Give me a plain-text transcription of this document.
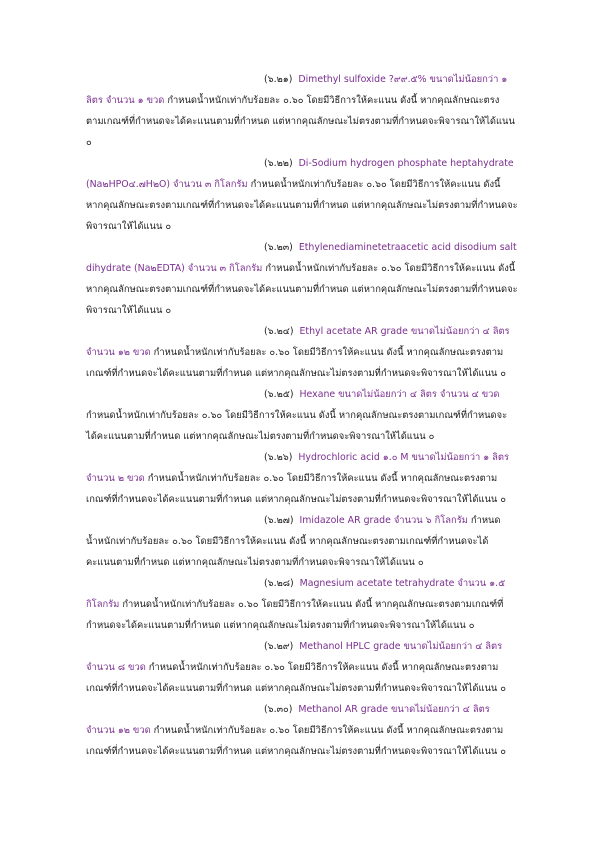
(๖.๒๑) Dimethyl sulfoxide ?๙๙.๕% ขนาดไม่น้อยกว่า ๑
ลิตร จำนวน ๑ ขวด กำหนดน้ำหนักเท่ากับร้อยละ ๐.๖๐ โดยมีวิธีการให้คะแนน ดังนี้ หากคุณลักษณะตรง
ตามเกณฑ์ที่กำหนดจะได้คะแนนตามที่กำหนด แต่หากคุณลักษณะไม่ตรงตามที่กำหนดจะพิจารณาให้ได้แนน
๐
(๖.๒๒) Di-Sodium hydrogen phosphate heptahydrate
(Na๒HPO๔.๗H๒O) จำนวน ๓ กิโลกรัม กำหนดน้ำหนักเท่ากับร้อยละ ๐.๖๐ โดยมีวิธีการให้คะแนน ดังนี้
หากคุณลักษณะตรงตามเกณฑ์ที่กำหนดจะได้คะแนนตามที่กำหนด แต่หากคุณลักษณะไม่ตรงตามที่กำหนดจะ
พิจารณาให้ได้แนน ๐
(๖.๒๓) Ethylenediaminetetraacetic acid disodium salt
dihydrate (Na๒EDTA) จำนวน ๓ กิโลกรัม กำหนดน้ำหนักเท่ากับร้อยละ ๐.๖๐ โดยมีวิธีการให้คะแนน ดังนี้
หากคุณลักษณะตรงตามเกณฑ์ที่กำหนดจะได้คะแนนตามที่กำหนด แต่หากคุณลักษณะไม่ตรงตามที่กำหนดจะ
พิจารณาให้ได้แนน ๐
(๖.๒๔) Ethyl acetate AR grade ขนาดไม่น้อยกว่า ๔ ลิตร
จำนวน ๑๒ ขวด กำหนดน้ำหนักเท่ากับร้อยละ ๐.๖๐ โดยมีวิธีการให้คะแนน ดังนี้ หากคุณลักษณะตรงตาม
เกณฑ์ที่กำหนดจะได้คะแนนตามที่กำหนด แต่หากคุณลักษณะไม่ตรงตามที่กำหนดจะพิจารณาให้ได้แนน ๐
(๖.๒๕) Hexane ขนาดไม่น้อยกว่า ๔ ลิตร จำนวน ๔ ขวด
กำหนดน้ำหนักเท่ากับร้อยละ ๐.๖๐ โดยมีวิธีการให้คะแนน ดังนี้ หากคุณลักษณะตรงตามเกณฑ์ที่กำหนดจะ
ได้คะแนนตามที่กำหนด แต่หากคุณลักษณะไม่ตรงตามที่กำหนดจะพิจารณาให้ได้แนน ๐
(๖.๒๖) Hydrochloric acid ๑.๐ M ขนาดไม่น้อยกว่า ๑ ลิตร
จำนวน ๒ ขวด กำหนดน้ำหนักเท่ากับร้อยละ ๐.๖๐ โดยมีวิธีการให้คะแนน ดังนี้ หากคุณลักษณะตรงตาม
เกณฑ์ที่กำหนดจะได้คะแนนตามที่กำหนด แต่หากคุณลักษณะไม่ตรงตามที่กำหนดจะพิจารณาให้ได้แนน ๐
(๖.๒๗) Imidazole AR grade จำนวน ๖ กิโลกรัม กำหนด
น้ำหนักเท่ากับร้อยละ ๐.๖๐ โดยมีวิธีการให้คะแนน ดังนี้ หากคุณลักษณะตรงตามเกณฑ์ที่กำหนดจะได้
คะแนนตามที่กำหนด แต่หากคุณลักษณะไม่ตรงตามที่กำหนดจะพิจารณาให้ได้แนน ๐
(๖.๒๘) Magnesium acetate tetrahydrate จำนวน ๑.๕
กิโลกรัม กำหนดน้ำหนักเท่ากับร้อยละ ๐.๖๐ โดยมีวิธีการให้คะแนน ดังนี้ หากคุณลักษณะตรงตามเกณฑ์ที่
กำหนดจะได้คะแนนตามที่กำหนด แต่หากคุณลักษณะไม่ตรงตามที่กำหนดจะพิจารณาให้ได้แนน ๐
(๖.๒๙) Methanol HPLC grade ขนาดไม่น้อยกว่า ๔ ลิตร
จำนวน ๘ ขวด กำหนดน้ำหนักเท่ากับร้อยละ ๐.๖๐ โดยมีวิธีการให้คะแนน ดังนี้ หากคุณลักษณะตรงตาม
เกณฑ์ที่กำหนดจะได้คะแนนตามที่กำหนด แต่หากคุณลักษณะไม่ตรงตามที่กำหนดจะพิจารณาให้ได้แนน ๐
(๖.๓๐) Methanol AR grade ขนาดไม่น้อยกว่า ๔ ลิตร
จำนวน ๑๒ ขวด กำหนดน้ำหนักเท่ากับร้อยละ ๐.๖๐ โดยมีวิธีการให้คะแนน ดังนี้ หากคุณลักษณะตรงตาม
เกณฑ์ที่กำหนดจะได้คะแนนตามที่กำหนด แต่หากคุณลักษณะไม่ตรงตามที่กำหนดจะพิจารณาให้ได้แนน ๐
